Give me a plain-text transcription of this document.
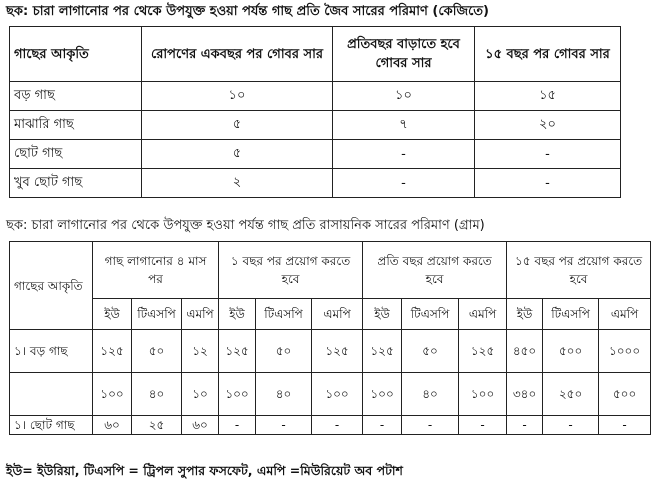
ছক: চারা লাগানোর পর থেকে উপযুক্ত হওয়া পর্যন্ত গাছ প্রতি জৈব সারের পরিমাণ (কেজিতে)
গাছের আকৃতি	রোপণের একবছর পর গোবর সার	প্রতিবছর বাড়াতে হবে গোবর সার	১৫ বছর পর গোবর সার
বড় গাছ	১০	১০	১৫
মাঝারি গাছ	৫	৭	২০
ছোট গাছ	৫	-	-
খুব ছোট গাছ	২	-	-
ছক: চারা লাগানোর পর থেকে উপযুক্ত হওয়া পর্যন্ত গাছ প্রতি রাসায়নিক সারের পরিমাণ (গ্রাম)
গাছের আকৃতি	গাছ লাগানোর ৪ মাস পর			১ বছর পর প্রয়োগ করতে হবে			প্রতি বছর প্রয়োগ করতে হবে			১৫ বছর পর প্রয়োগ করতে হবে		
	ইউ	টিএসপি	এমপি	ইউ	টিএসপি	এমপি	ইউ	টিএসপি	এমপি	ইউ	টিএসপি	এমপি
১। বড় গাছ	১২৫	৫০	১২	১২৫	৫০	১২৫	১২৫	৫০	১২৫	৪৫০	৫০০	১০০০
	১০০	৪০	১০	১০০	৪০	১০০	১০০	৪০	১০০	৩৪০	২৫০	৫০০
১। ছোট গাছ	৬০	২৫	৬০	-	-	-	-	-	-	-	-	-
ইউ= ইউরিয়া, টিএসপি = ট্রিপল সুপার ফসফেট, এমপি =মিউরিয়েট অব পটাশ
